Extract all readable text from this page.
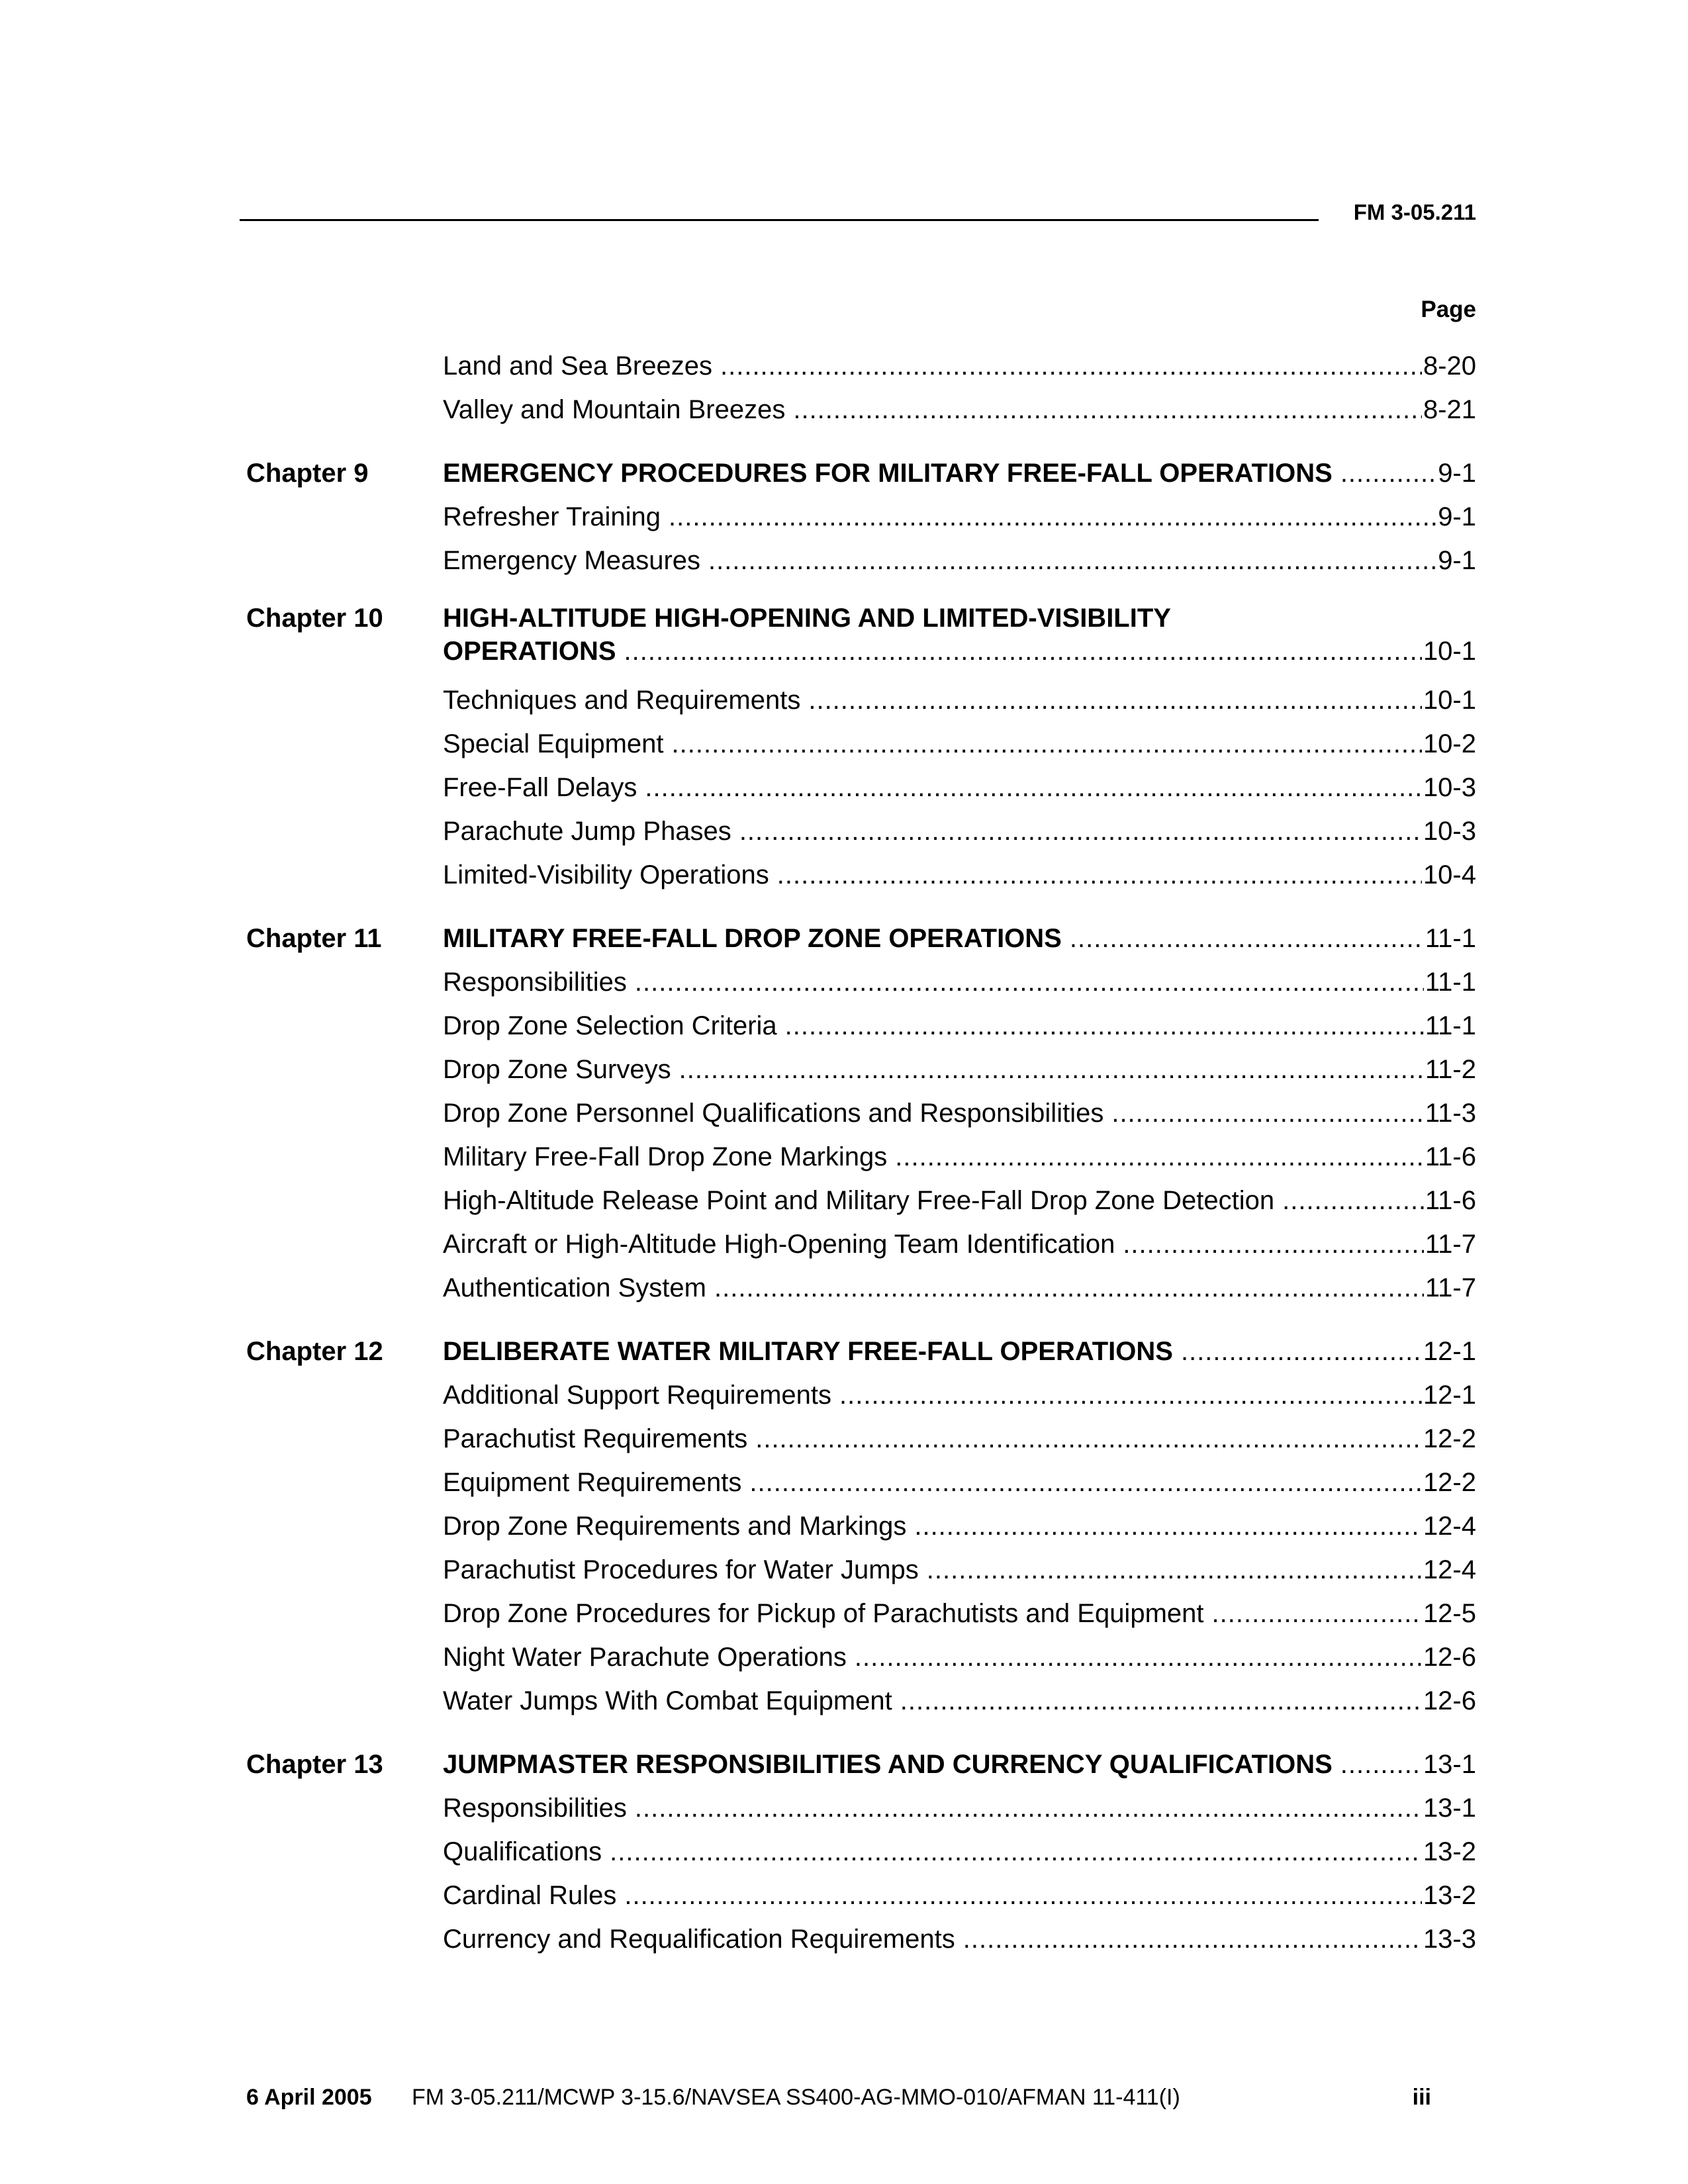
FM 3-05.211
Page
Land and Sea Breezes .....	8-20
Valley and Mountain Breezes .....	8-21
Chapter 9	EMERGENCY PROCEDURES FOR MILITARY FREE-FALL OPERATIONS .....	9-1
Refresher Training .....	9-1
Emergency Measures .....	9-1
Chapter 10 HIGH-ALTITUDE HIGH-OPENING AND LIMITED-VISIBILITY
OPERATIONS .....	10-1
Techniques and Requirements .....	10-1
Special Equipment .....	10-2
Free-Fall Delays .....	10-3
Parachute Jump Phases .....	10-3
Limited-Visibility Operations .....	10-4
Chapter 11 MILITARY FREE-FALL DROP ZONE OPERATIONS .....	11-1
Responsibilities .....	11-1
Drop Zone Selection Criteria .....	11-1
Drop Zone Surveys .....	11-2
Drop Zone Personnel Qualifications and Responsibilities .....	11-3
Military Free-Fall Drop Zone Markings .....	11-6
High-Altitude Release Point and Military Free-Fall Drop Zone Detection .....	11-6
Aircraft or High-Altitude High-Opening Team Identification .....	11-7
Authentication System .....	11-7
Chapter 12 DELIBERATE WATER MILITARY FREE-FALL OPERATIONS .....	12-1
Additional Support Requirements .....	12-1
Parachutist Requirements .....	12-2
Equipment Requirements .....	12-2
Drop Zone Requirements and Markings .....	12-4
Parachutist Procedures for Water Jumps .....	12-4
Drop Zone Procedures for Pickup of Parachutists and Equipment .....	12-5
Night Water Parachute Operations .....	12-6
Water Jumps With Combat Equipment .....	12-6
Chapter 13 JUMPMASTER RESPONSIBILITIES AND CURRENCY QUALIFICATIONS .....	13-1
Responsibilities .....	13-1
Qualifications .....	13-2
Cardinal Rules .....	13-2
Currency and Requalification Requirements .....	13-3
6 April 2005 FM 3-05.211/MCWP 3-15.6/NAVSEA SS400-AG-MMO-010/AFMAN 11-411(I)	iii
